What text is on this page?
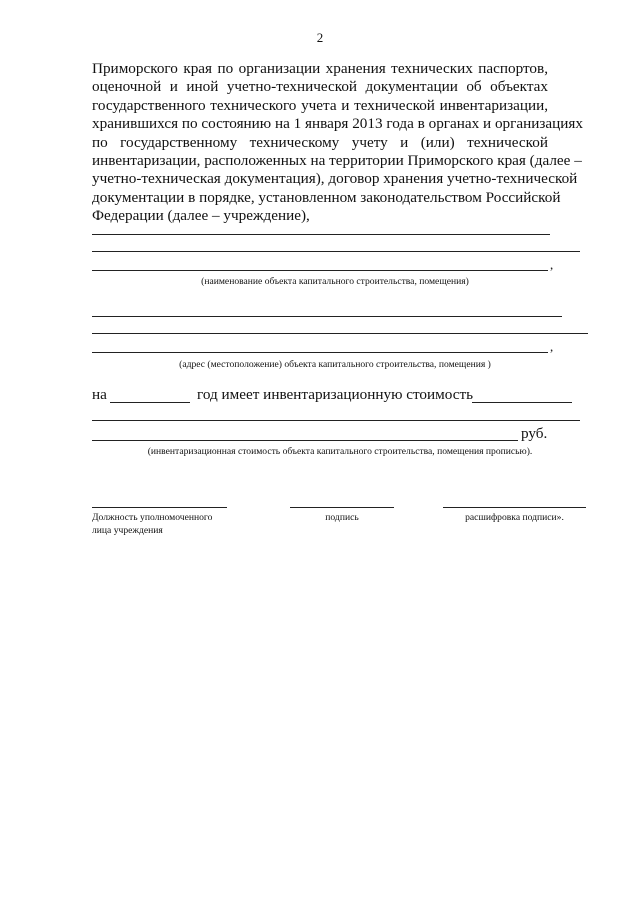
2
Приморского края по организации хранения технических паспортов,
оценочной и иной учетно-технической документации об объектах
государственного технического учета и технической инвентаризации,
хранившихся по состоянию на 1 января 2013 года в органах и организациях
по государственному техническому учету и (или) технической
инвентаризации, расположенных на территории Приморского края (далее –
учетно-техническая документация), договор хранения учетно-технической
документации в порядке, установленном законодательством Российской
Федерации (далее – учреждение),
,
(наименование объекта капитального строительства, помещения)
,
(адрес (местоположение) объекта капитального строительства, помещения )
на	год имеет инвентаризационную стоимость
руб.
(инвентаризационная стоимость объекта капитального строительства, помещения прописью).
Должность уполномоченного лица учреждения
подпись	расшифровка подписи».
